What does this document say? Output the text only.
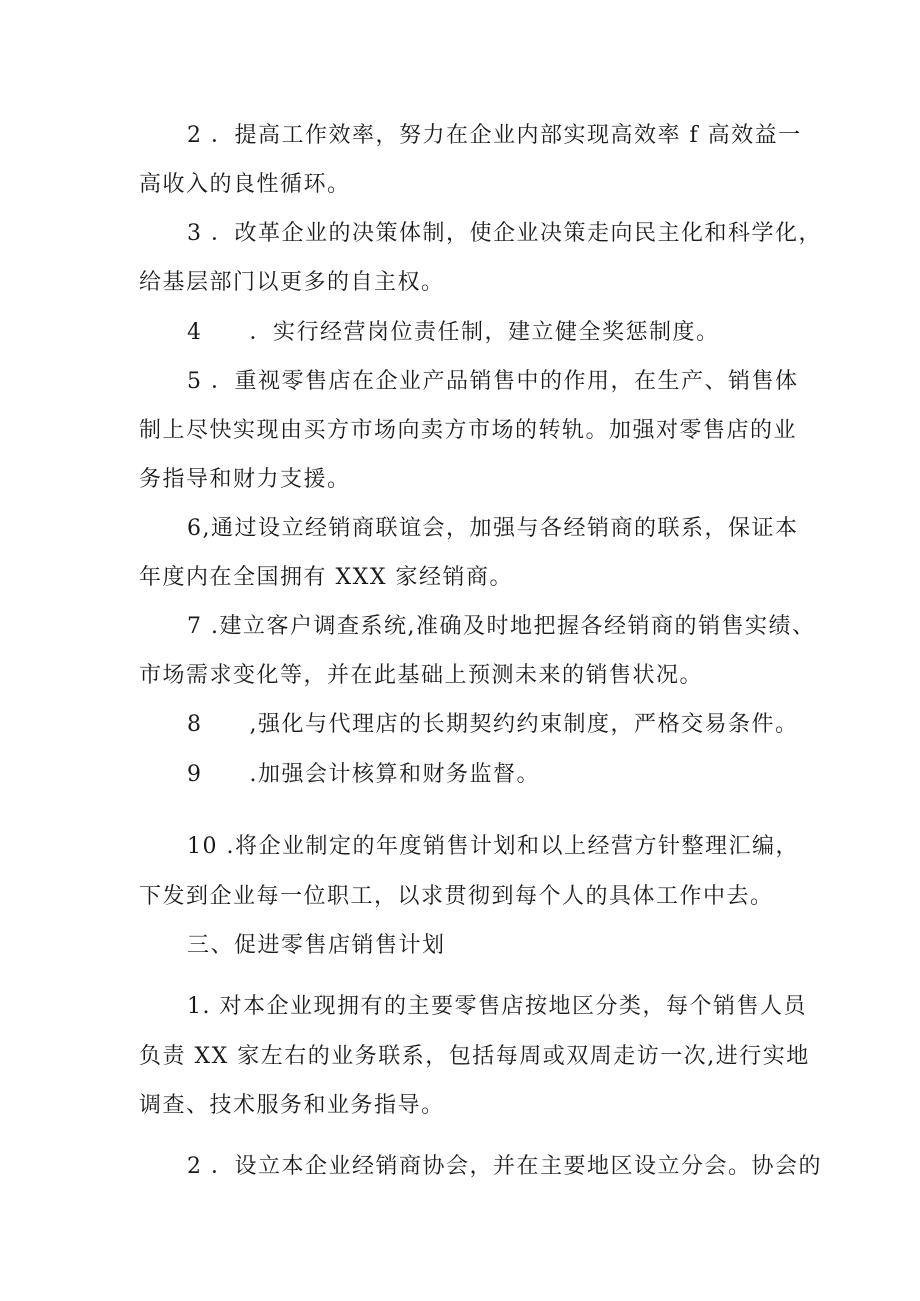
2 ．提高工作效率，努力在企业内部实现高效率 f 高效益一
高收入的良性循环。
3 ．改革企业的决策体制，使企业决策走向民主化和科学化，
给基层部门以更多的自主权。
4　　．实行经营岗位责任制，建立健全奖惩制度。
5 ．重视零售店在企业产品销售中的作用，在生产、销售体
制上尽快实现由买方市场向卖方市场的转轨。加强对零售店的业
务指导和财力支援。
6,通过设立经销商联谊会，加强与各经销商的联系，保证本
年度内在全国拥有 XXX 家经销商。
7 .建立客户调查系统,准确及时地把握各经销商的销售实绩、
市场需求变化等，并在此基础上预测未来的销售状况。
8　　,强化与代理店的长期契约约束制度，严格交易条件。
9　　.加强会计核算和财务监督。
10 .将企业制定的年度销售计划和以上经营方针整理汇编，
下发到企业每一位职工，以求贯彻到每个人的具体工作中去。
三、促进零售店销售计划
1. 对本企业现拥有的主要零售店按地区分类，每个销售人员
负责 XX 家左右的业务联系，包括每周或双周走访一次,进行实地
调查、技术服务和业务指导。
2 ．设立本企业经销商协会，并在主要地区设立分会。协会的
